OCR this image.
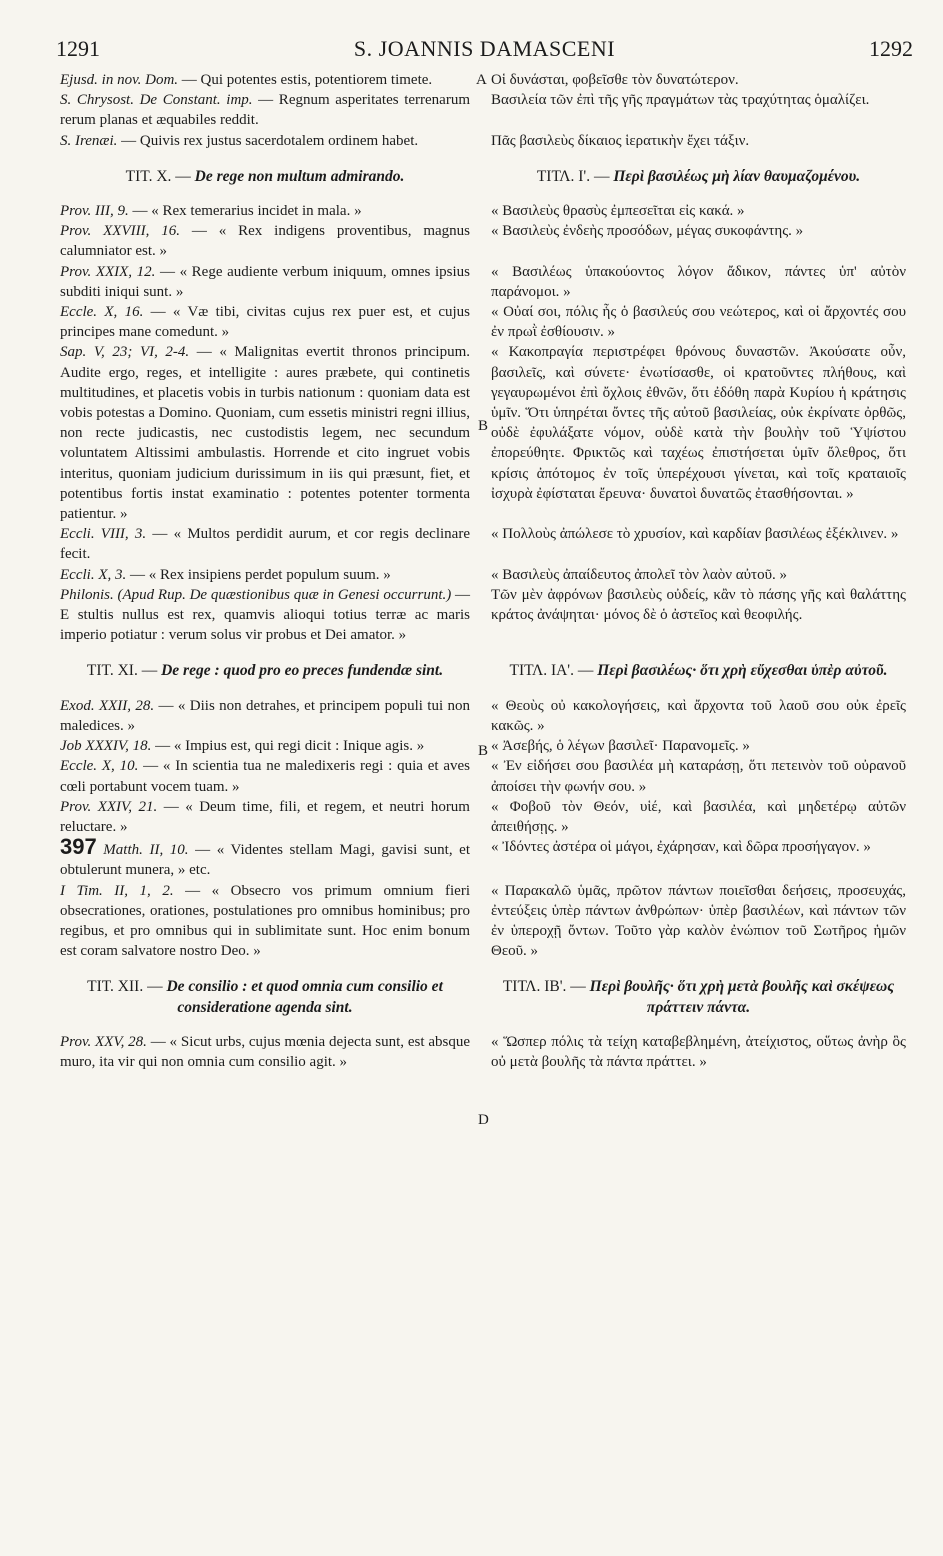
1291	S. JOANNIS DAMASCENI	1292
Ejusd. in nov. Dom. — Qui potentes estis, potentiorem timete.
S. Chrysost. De Constant. imp. — Regnum asperitates terrenarum rerum planas et æquabiles reddit.
S. Irenæi. — Quivis rex justus sacerdotalem ordinem habet.
TIT. X. — De rege non multum admirando.
Prov. III, 9. — « Rex temerarius incidet in mala. »
Prov. XXVIII, 16. — « Rex indigens proventibus, magnus calumniator est. »
Prov. XXIX, 12. — « Rege audiente verbum iniquum, omnes ipsius subditi iniqui sunt. »
Eccle. X, 16. — « Væ tibi, civitas cujus rex puer est, et cujus principes mane comedunt. »
Sap. V, 23; VI, 2-4. — « Malignitas evertit thronos principum. Audite ergo, reges, et intelligite : aures præbete, qui continetis multitudines, et placetis vobis in turbis nationum : quoniam data est vobis potestas a Domino. Quoniam, cum essetis ministri regni illius, non recte judicastis, nec custodistis legem, nec secundum voluntatem Altissimi ambulastis. Horrende et cito ingruet vobis interitus, quoniam judicium durissimum in iis qui præsunt, fiet, et potentibus fortis instat examinatio : potentes potenter tormenta patientur. »
Eccli. VIII, 3. — « Multos perdidit aurum, et cor regis declinare fecit.
Eccli. X, 3. — « Rex insipiens perdet populum suum. »
Philonis. (Apud Rup. De quæstionibus quæ in Genesi occurrunt.) — E stultis nullus est rex, quamvis alioqui totius terræ ac maris imperio potiatur : verum solus vir probus et Dei amator. »
TIT. XI. — De rege : quod pro eo preces fundendæ sint.
Exod. XXII, 28. — « Diis non detrahes, et principem populi tui non maledices. »
Job XXXIV, 18. — « Impius est, qui regi dicit : Inique agis. »
Eccle. X, 10. — « In scientia tua ne maledixeris regi : quia et aves cœli portabunt vocem tuam. »
Prov. XXIV, 21. — « Deum time, fili, et regem, et neutri horum reluctare. »
397 Matth. II, 10. — « Videntes stellam Magi, gavisi sunt, et obtulerunt munera, » etc.
I Tim. II, 1, 2. — « Obsecro vos primum omnium fieri obsecrationes, orationes, postulationes pro omnibus hominibus; pro regibus, et pro omnibus qui in sublimitate sunt. Hoc enim bonum est coram salvatore nostro Deo. »
TIT. XII. — De consilio : et quod omnia cum consilio et consideratione agenda sint.
Prov. XXV, 28. — « Sicut urbs, cujus mœnia dejecta sunt, est absque muro, ita vir qui non omnia cum consilio agit. »
Οἱ δυνάσται, φοβεῖσθε τὸν δυνατώτερον.
Βασιλεία τῶν ἐπὶ τῆς γῆς πραγμάτων τὰς τραχύτητας ὁμαλίζει.
Πᾶς βασιλεὺς δίκαιος ἱερατικὴν ἔχει τάξιν.
ΤΙΤΛ. Ι'. — Περὶ βασιλέως μὴ λίαν θαυμαζομένου.
« Βασιλεὺς θρασὺς ἐμπεσεῖται εἰς κακά. »
« Βασιλεὺς ἐνδεὴς προσόδων, μέγας συκοφάντης. »
« Βασιλέως ὑπακούοντος λόγον ἄδικον, πάντες ὑπ' αὐτὸν παράνομοι. »
« Οὐαί σοι, πόλις ἧς ὁ βασιλεύς σου νεώτερος, καὶ οἱ ἄρχοντές σου ἐν πρωῒ ἐσθίουσιν. »
« Κακοπραγία περιστρέφει θρόνους δυναστῶν. Ἀκούσατε οὖν, βασιλεῖς, καὶ σύνετε· ἐνωτίσασθε, οἱ κρατοῦντες πλήθους, καὶ γεγαυρωμένοι ἐπὶ ὄχλοις ἐθνῶν, ὅτι ἐδόθη παρὰ Κυρίου ἡ κράτησις ὑμῖν. Ὅτι ὑπηρέται ὄντες τῆς αὐτοῦ βασιλείας, οὐκ ἐκρίνατε ὀρθῶς, οὐδὲ ἐφυλάξατε νόμον, οὐδὲ κατὰ τὴν βουλὴν τοῦ Ὑψίστου ἐπορεύθητε. Φρικτῶς καὶ ταχέως ἐπιστήσεται ὑμῖν ὄλεθρος, ὅτι κρίσις ἀπότομος ἐν τοῖς ὑπερέχουσι γίνεται, καὶ τοῖς κραταιοῖς ἰσχυρὰ ἐφίσταται ἔρευνα· δυνατοὶ δυνατῶς ἐτασθήσονται. »
« Πολλοὺς ἀπώλεσε τὸ χρυσίον, καὶ καρδίαν βασιλέως ἐξέκλινεν. »
« Βασιλεὺς ἀπαίδευτος ἀπολεῖ τὸν λαὸν αὐτοῦ. »
Τῶν μὲν ἀφρόνων βασιλεὺς οὐδείς, κἂν τὸ πάσης γῆς καὶ θαλάττης κράτος ἀνάψηται· μόνος δὲ ὁ ἀστεῖος καὶ θεοφιλής.
ΤΙΤΛ. ΙΑ'. — Περὶ βασιλέως· ὅτι χρὴ εὔχεσθαι ὑπὲρ αὐτοῦ.
« Θεοὺς οὐ κακολογήσεις, καὶ ἄρχοντα τοῦ λαοῦ σου οὐκ ἐρεῖς κακῶς. »
« Ἀσεβής, ὁ λέγων βασιλεῖ· Παρανομεῖς. »
« Ἐν εἰδήσει σου βασιλέα μὴ καταράσῃ, ὅτι πετεινὸν τοῦ οὐρανοῦ ἀποίσει τὴν φωνήν σου. »
« Φοβοῦ τὸν Θεόν, υἱέ, καὶ βασιλέα, καὶ μηδετέρῳ αὐτῶν ἀπειθήσῃς. »
« Ἰδόντες ἀστέρα οἱ μάγοι, ἐχάρησαν, καὶ δῶρα προσήγαγον. »
« Παρακαλῶ ὑμᾶς, πρῶτον πάντων ποιεῖσθαι δεήσεις, προσευχάς, ἐντεύξεις ὑπὲρ πάντων ἀνθρώπων· ὑπὲρ βασιλέων, καὶ πάντων τῶν ἐν ὑπεροχῇ ὄντων. Τοῦτο γὰρ καλὸν ἐνώπιον τοῦ Σωτῆρος ἡμῶν Θεοῦ. »
ΤΙΤΛ. ΙΒ'. — Περὶ βουλῆς· ὅτι χρὴ μετὰ βουλῆς καὶ σκέψεως πράττειν πάντα.
« Ὥσπερ πόλις τὰ τείχη καταβεβλημένη, ἀτείχιστος, οὕτως ἀνὴρ ὃς οὐ μετὰ βουλῆς τὰ πάντα πράττει. »
A
B
B
D
